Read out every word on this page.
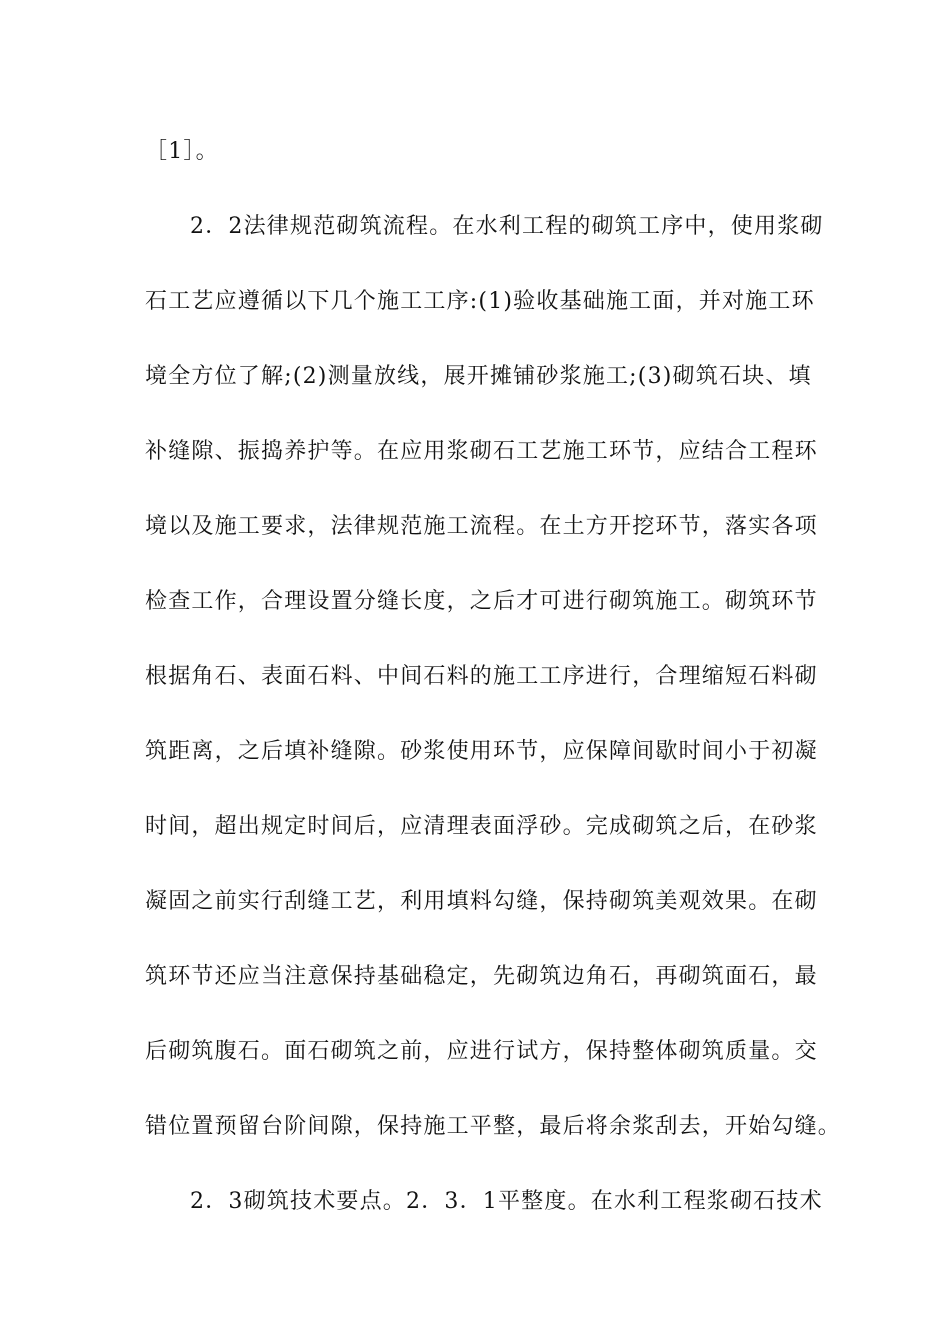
［1］。
2．2法律规范砌筑流程。在水利工程的砌筑工序中，使用浆砌
石工艺应遵循以下几个施工工序:(1)验收基础施工面，并对施工环
境全方位了解;(2)测量放线，展开摊铺砂浆施工;(3)砌筑石块、填
补缝隙、振捣养护等。在应用浆砌石工艺施工环节，应结合工程环
境以及施工要求，法律规范施工流程。在土方开挖环节，落实各项
检查工作，合理设置分缝长度，之后才可进行砌筑施工。砌筑环节
根据角石、表面石料、中间石料的施工工序进行，合理缩短石料砌
筑距离，之后填补缝隙。砂浆使用环节，应保障间歇时间小于初凝
时间，超出规定时间后，应清理表面浮砂。完成砌筑之后，在砂浆
凝固之前实行刮缝工艺，利用填料勾缝，保持砌筑美观效果。在砌
筑环节还应当注意保持基础稳定，先砌筑边角石，再砌筑面石，最
后砌筑腹石。面石砌筑之前，应进行试方，保持整体砌筑质量。交
错位置预留台阶间隙，保持施工平整，最后将余浆刮去，开始勾缝。
2．3砌筑技术要点。2．3．1平整度。在水利工程浆砌石技术
